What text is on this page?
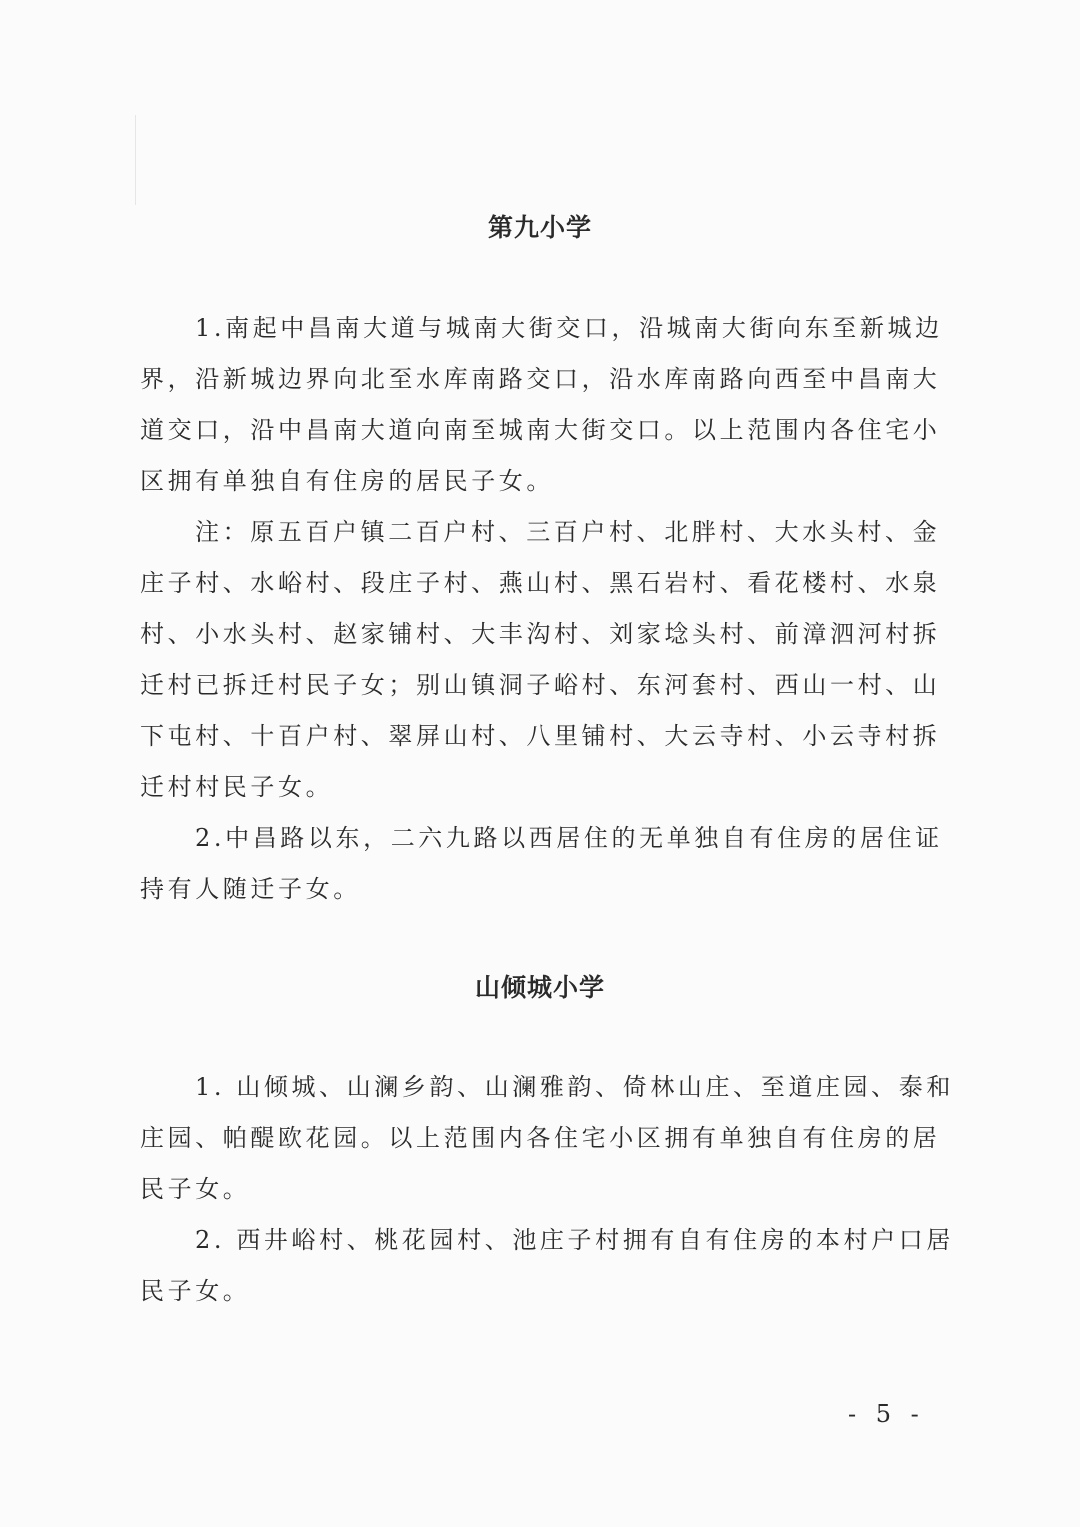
第九小学
1.南起中昌南大道与城南大街交口，沿城南大街向东至新城边
界，沿新城边界向北至水库南路交口，沿水库南路向西至中昌南大
道交口，沿中昌南大道向南至城南大街交口。以上范围内各住宅小
区拥有单独自有住房的居民子女。
注：原五百户镇二百户村、三百户村、北胖村、大水头村、金
庄子村、水峪村、段庄子村、燕山村、黑石岩村、看花楼村、水泉
村、小水头村、赵家铺村、大丰沟村、刘家埝头村、前漳泗河村拆
迁村已拆迁村民子女；别山镇洞子峪村、东河套村、西山一村、山
下屯村、十百户村、翠屏山村、八里铺村、大云寺村、小云寺村拆
迁村村民子女。
2.中昌路以东，二六九路以西居住的无单独自有住房的居住证
持有人随迁子女。
山倾城小学
1. 山倾城、山澜乡韵、山澜雅韵、倚林山庄、至道庄园、泰和
庄园、帕醍欧花园。以上范围内各住宅小区拥有单独自有住房的居
民子女。
2. 西井峪村、桃花园村、池庄子村拥有自有住房的本村户口居
民子女。
- 5 -
